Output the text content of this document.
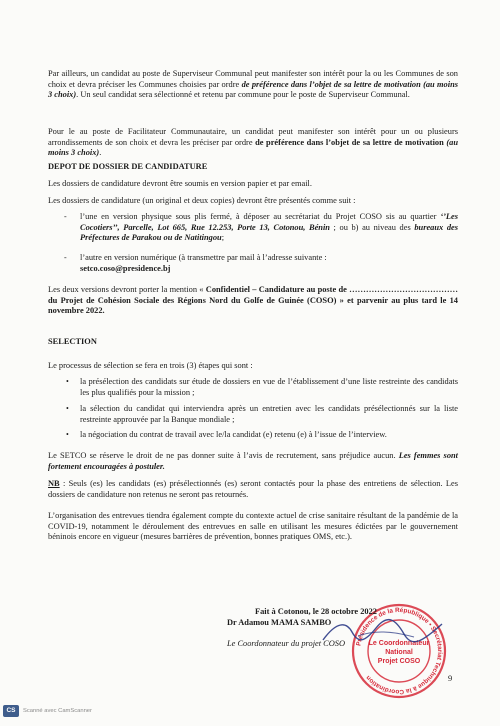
Par ailleurs, un candidat au poste de Superviseur Communal peut manifester son intérêt pour la ou les Communes de son choix et devra préciser les Communes choisies par ordre de préférence dans l’objet de sa lettre de motivation (au moins 3 choix). Un seul candidat sera sélectionné et retenu par commune pour le poste de Superviseur Communal.

Pour le au poste de Facilitateur Communautaire, un candidat peut manifester son intérêt pour un ou plusieurs arrondissements de son choix et devra les préciser par ordre de préférence dans l’objet de sa lettre de motivation (au moins 3 choix).

DEPOT DE DOSSIER DE CANDIDATURE

Les dossiers de candidature devront être soumis en version papier et par email.

Les dossiers de candidature (un original et deux copies) devront être présentés comme suit :

- l’une en version physique sous plis fermé, à déposer au secrétariat du Projet COSO sis au quartier ‘’Les Cocotiers’’, Parcelle, Lot 665, Rue 12.253, Porte 13, Cotonou, Bénin ; ou b) au niveau des bureaux des Préfectures de Parakou ou de Natitingou;

- l’autre en version numérique (à transmettre par mail à l’adresse suivante :

setco.coso@presidence.bj

Les deux versions devront porter la mention « Confidentiel – Candidature au poste de ………………………………… du Projet de Cohésion Sociale des Régions Nord du Golfe de Guinée (COSO) » et parvenir au plus tard le 14 novembre 2022.

SELECTION

Le processus de sélection se fera en trois (3) étapes qui sont :

• la présélection des candidats sur étude de dossiers en vue de l’établissement d’une liste restreinte des candidats les plus qualifiés pour la mission ;

• la sélection du candidat qui interviendra après un entretien avec les candidats présélectionnés sur la liste restreinte approuvée par la Banque mondiale ;

• la négociation du contrat de travail avec le/la candidat (e) retenu (e) à l’issue de l’interview.

Le SETCO se réserve le droit de ne pas donner suite à l’avis de recrutement, sans préjudice aucun. Les femmes sont fortement encouragées à postuler.

NB : Seuls (es) les candidats (es) présélectionnés (es) seront contactés pour la phase des entretiens de sélection. Les dossiers de candidature non retenus ne seront pas retournés.

L’organisation des entrevues tiendra également compte du contexte actuel de crise sanitaire résultant de la pandémie de la COVID-19, notamment le déroulement des entrevues en salle en utilisant les mesures édictées par le gouvernement béninois encore en vigueur (mesures barrières de prévention, bonnes pratiques OMS, etc.).

Présidence de la République • Secrétariat Technique à la Coordination
Le Coordonnateur
National
Projet COSO
Fait à Cotonou, le 28 octobre 2022
Dr Adamou MAMA SAMBO
Le Coordonnateur du projet COSO
9
CS	Scanné avec CamScanner
